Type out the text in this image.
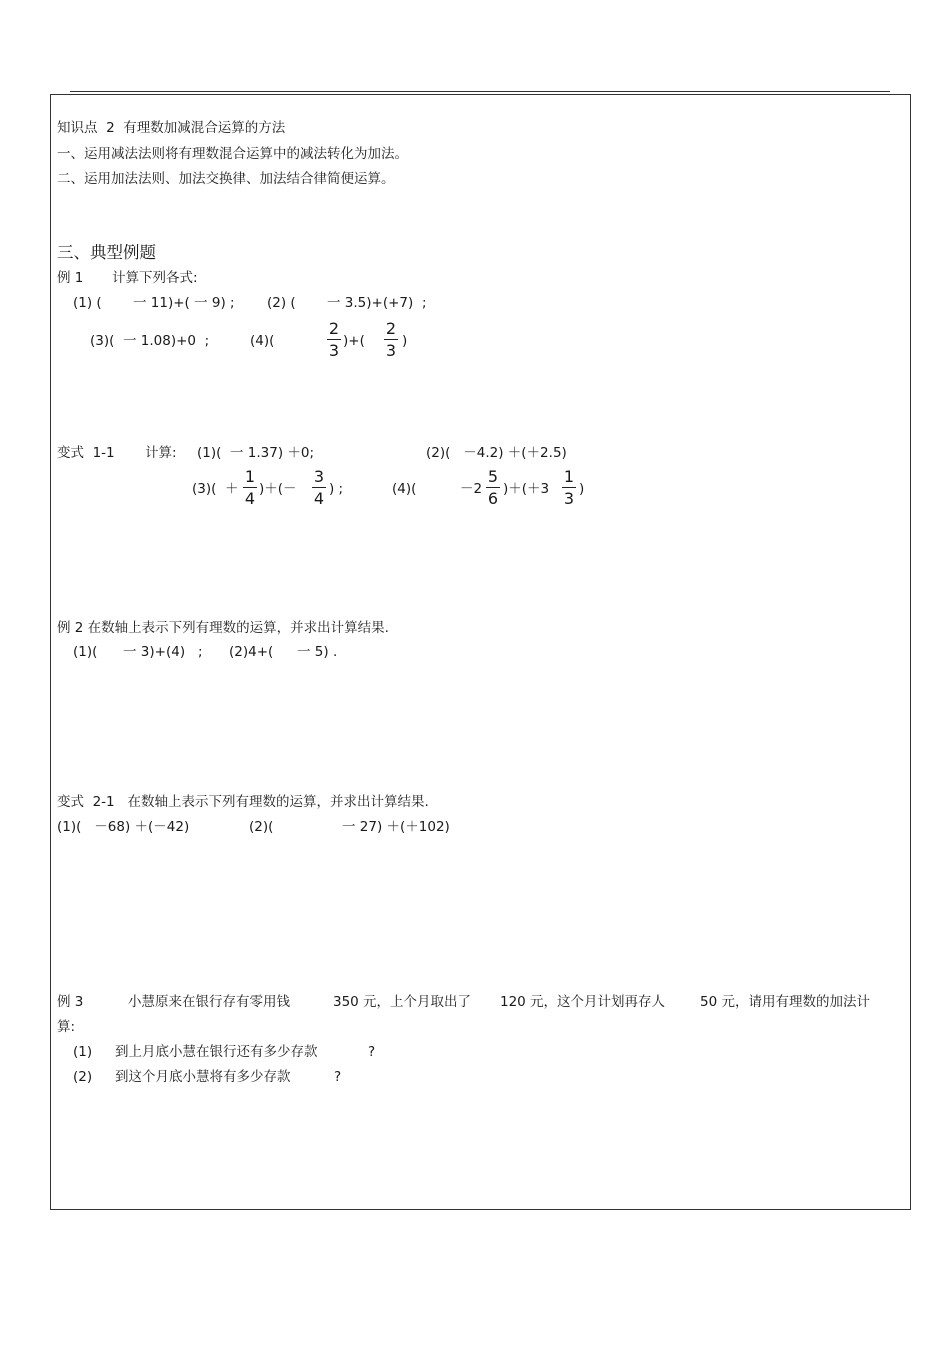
知识点  2  有理数加减混合运算的方法
一、运用减法法则将有理数混合运算中的减法转化为加法。
二、运用加法法则、加法交换律、加法结合律简便运算。
三、典型例题
例 1 计算下列各式:
(1) ( 一 11)+( 一 9) ; (2) ( 一 3.5)+(+7) ;
(3)(  一 1.08)+0  ;	(4)(
2
3 )+(
2
3 )
变式  1-1 计算: (1)(  一 1.37) ＋0;	(2)(   －4.2) ＋(＋2.5)
(3)(  ＋
1
4 )＋(－
3
4 ) ;	(4)(	－2
5
6 )＋(＋3
1
3 )
例 2 在数轴上表示下列有理数的运算，并求出计算结果.
(1)( 一 3)+(4)   ; (2)4+( 一 5) .
变式  2-1   在数轴上表示下列有理数的运算，并求出计算结果.
(1)(   －68) ＋(－42)	(2)(	一 27) ＋(＋102)
例 3	小慧原来在银行存有零用钱	350 元，上个月取出了 120 元，这个月计划再存人	50 元，请用有理数的加法计
算:
(1) 到上月底小慧在银行还有多少存款	?
(2) 到这个月底小慧将有多少存款	?
